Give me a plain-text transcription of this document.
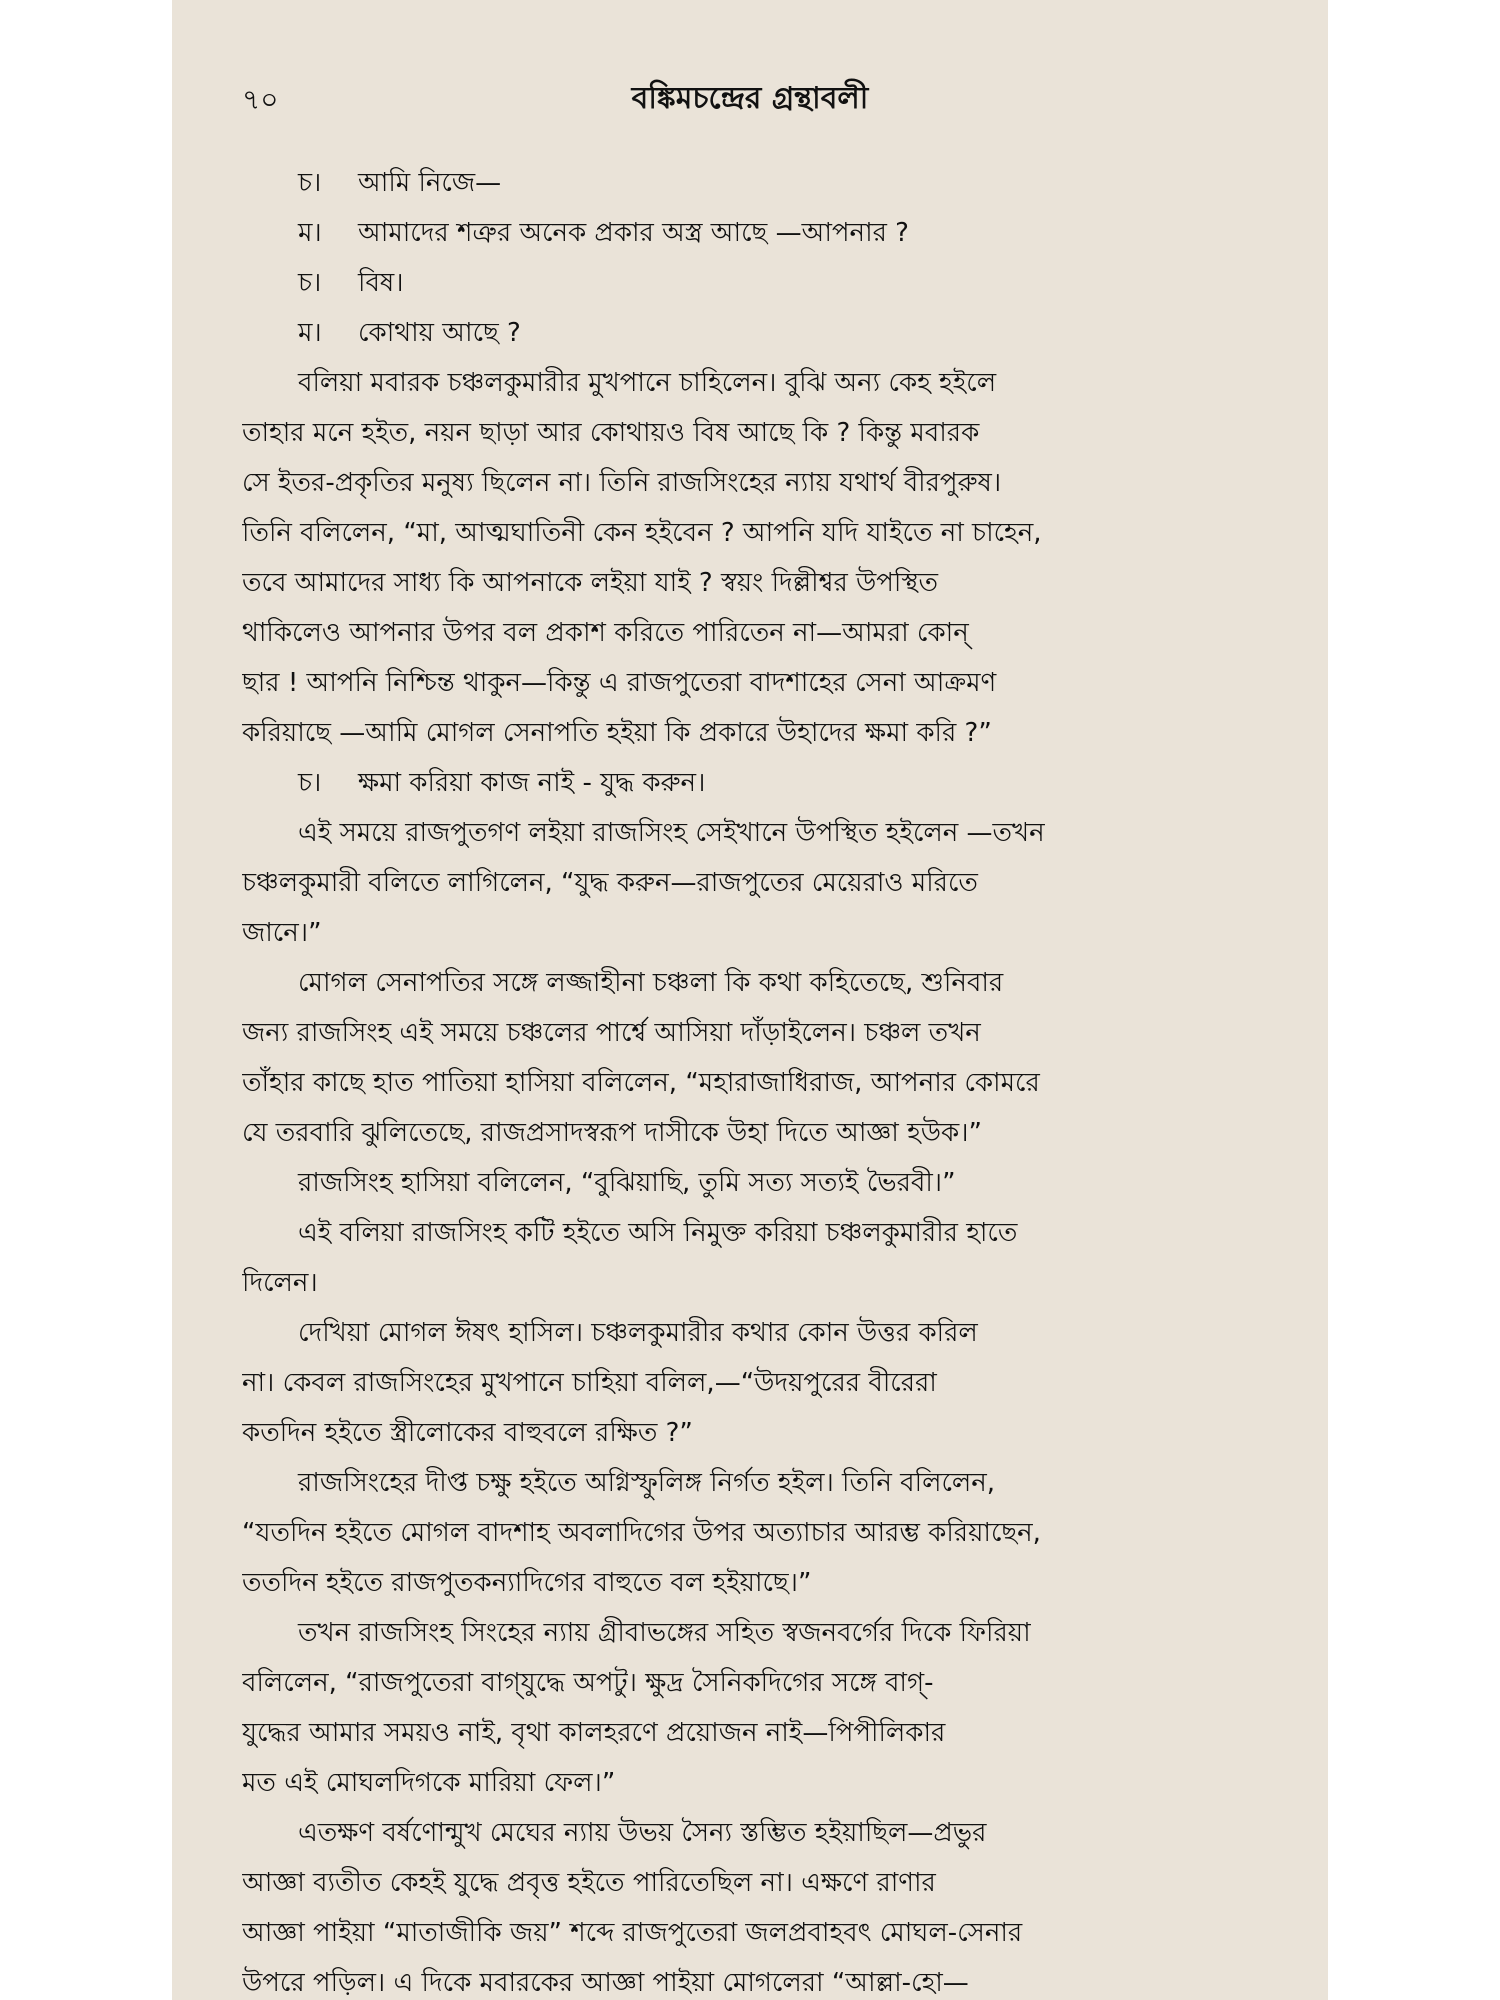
৭০	বঙ্কিমচন্দ্রের গ্রন্থাবলী
চ। আমি নিজে—
ম। আমাদের শত্রুর অনেক প্রকার অস্ত্র আছে —আপনার ?
চ। বিষ।
ম। কোথায় আছে ?
বলিয়া মবারক চঞ্চলকুমারীর মুখপানে চাহিলেন। বুঝি অন্য কেহ হইলে
তাহার মনে হইত, নয়ন ছাড়া আর কোথায়ও বিষ আছে কি ? কিন্তু মবারক
সে ইতর-প্রকৃতির মনুষ্য ছিলেন না। তিনি রাজসিংহের ন্যায় যথার্থ বীরপুরুষ।
তিনি বলিলেন, “মা, আত্মঘাতিনী কেন হইবেন ? আপনি যদি যাইতে না চাহেন,
তবে আমাদের সাধ্য কি আপনাকে লইয়া যাই ? স্বয়ং দিল্লীশ্বর উপস্থিত
থাকিলেও আপনার উপর বল প্রকাশ করিতে পারিতেন না—আমরা কোন্
ছার ! আপনি নিশ্চিন্ত থাকুন—কিন্তু এ রাজপুতেরা বাদশাহের সেনা আক্রমণ
করিয়াছে —আমি মোগল সেনাপতি হইয়া কি প্রকারে উহাদের ক্ষমা করি ?”
চ। ক্ষমা করিয়া কাজ নাই - যুদ্ধ করুন।
এই সময়ে রাজপুতগণ লইয়া রাজসিংহ সেইখানে উপস্থিত হইলেন —তখন
চঞ্চলকুমারী বলিতে লাগিলেন, “যুদ্ধ করুন—রাজপুতের মেয়েরাও মরিতে
জানে।”
মোগল সেনাপতির সঙ্গে লজ্জাহীনা চঞ্চলা কি কথা কহিতেছে, শুনিবার
জন্য রাজসিংহ এই সময়ে চঞ্চলের পার্শ্বে আসিয়া দাঁড়াইলেন। চঞ্চল তখন
তাঁহার কাছে হাত পাতিয়া হাসিয়া বলিলেন, “মহারাজাধিরাজ, আপনার কোমরে
যে তরবারি ঝুলিতেছে, রাজপ্রসাদস্বরূপ দাসীকে উহা দিতে আজ্ঞা হউক।”
রাজসিংহ হাসিয়া বলিলেন, “বুঝিয়াছি, তুমি সত্য সত্যই ভৈরবী।”
এই বলিয়া রাজসিংহ কটি হইতে অসি নিমুক্ত করিয়া চঞ্চলকুমারীর হাতে
দিলেন।
দেখিয়া মোগল ঈষৎ হাসিল। চঞ্চলকুমারীর কথার কোন উত্তর করিল
না। কেবল রাজসিংহের মুখপানে চাহিয়া বলিল,—“উদয়পুরের বীরেরা
কতদিন হইতে স্ত্রীলোকের বাহুবলে রক্ষিত ?”
রাজসিংহের দীপ্ত চক্ষু হইতে অগ্নিস্ফুলিঙ্গ নির্গত হইল। তিনি বলিলেন,
“যতদিন হইতে মোগল বাদশাহ অবলাদিগের উপর অত্যাচার আরম্ভ করিয়াছেন,
ততদিন হইতে রাজপুতকন্যাদিগের বাহুতে বল হইয়াছে।”
তখন রাজসিংহ সিংহের ন্যায় গ্রীবাভঙ্গের সহিত স্বজনবর্গের দিকে ফিরিয়া
বলিলেন, “রাজপুতেরা বাগ্‌যুদ্ধে অপটু। ক্ষুদ্র সৈনিকদিগের সঙ্গে বাগ্-
যুদ্ধের আমার সময়ও নাই, বৃথা কালহরণে প্রয়োজন নাই—পিপীলিকার
মত এই মোঘলদিগকে মারিয়া ফেল।”
এতক্ষণ বর্ষণোন্মুখ মেঘের ন্যায় উভয় সৈন্য স্তম্ভিত হইয়াছিল—প্রভুর
আজ্ঞা ব্যতীত কেহই যুদ্ধে প্রবৃত্ত হইতে পারিতেছিল না। এক্ষণে রাণার
আজ্ঞা পাইয়া “মাতাজীকি জয়” শব্দে রাজপুতেরা জলপ্রবাহবৎ মোঘল-সেনার
উপরে পড়িল। এ দিকে মবারকের আজ্ঞা পাইয়া মোগলেরা “আল্লা-হো—
